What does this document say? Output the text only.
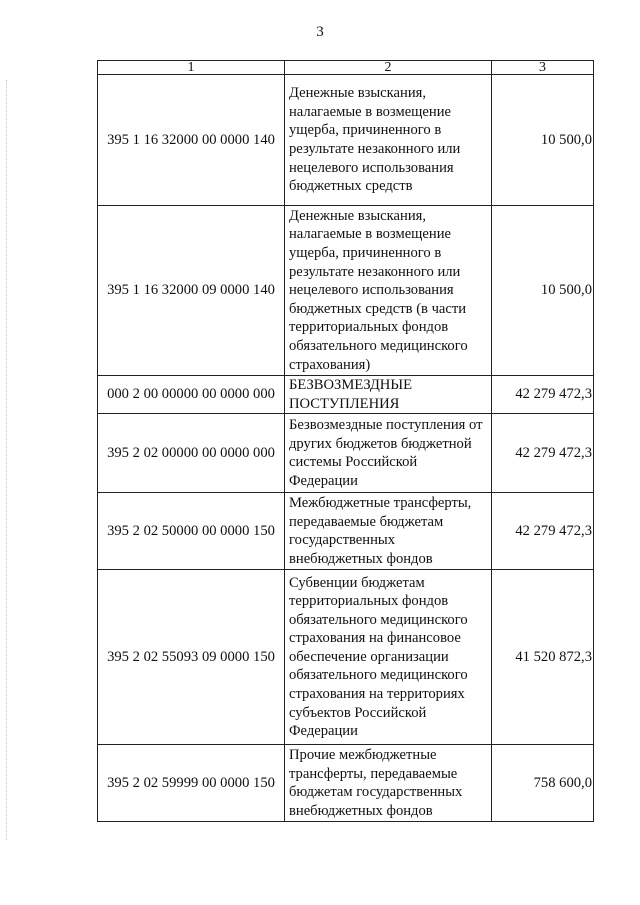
3
1	2	3
395 1 16 32000 00 0000 140	Денежные взыскания, налагаемые в возмещение ущерба, причиненного в результате незаконного или нецелевого использования бюджетных средств	10 500,0
395 1 16 32000 09 0000 140	Денежные взыскания, налагаемые в возмещение ущерба, причиненного в результате незаконного или нецелевого использования бюджетных средств (в части территориальных фондов обязательного медицинского страхования)	10 500,0
000 2 00 00000 00 0000 000	БЕЗВОЗМЕЗДНЫЕ ПОСТУПЛЕНИЯ	42 279 472,3
395 2 02 00000 00 0000 000	Безвозмездные поступления от других бюджетов бюджетной системы Российской Федерации	42 279 472,3
395 2 02 50000 00 0000 150	Межбюджетные трансферты, передаваемые бюджетам государственных внебюджетных фондов	42 279 472,3
395 2 02 55093 09 0000 150	Субвенции бюджетам территориальных фондов обязательного медицинского страхования на финансовое обеспечение организации обязательного медицинского страхования на территориях субъектов Российской Федерации	41 520 872,3
395 2 02 59999 00 0000 150	Прочие межбюджетные трансферты, передаваемые бюджетам государственных внебюджетных фондов	758 600,0
